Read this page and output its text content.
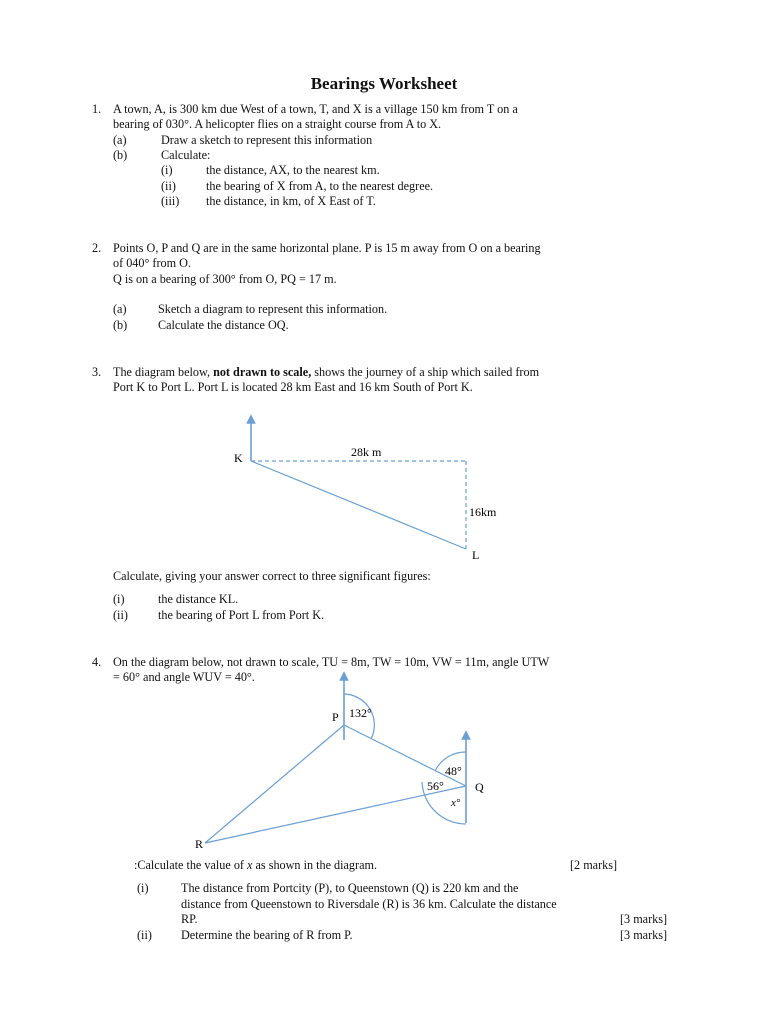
Bearings Worksheet
1. A town, A, is 300 km due West of a town, T, and X is a village 150 km from T on a
bearing of 030°. A helicopter flies on a straight course from A to X.
(a)	Draw a sketch to represent this information
(b)	Calculate:
(i)	the distance, AX, to the nearest km.
(ii) the bearing of X from A, to the nearest degree.
(iii) the distance, in km, of X East of T.
2. Points O, P and Q are in the same horizontal plane. P is 15 m away from O on a bearing
of 040° from O.
Q is on a bearing of 300° from O, PQ = 17 m.
(a)	Sketch a diagram to represent this information.
(b)	Calculate the distance OQ.
3. The diagram below, not drawn to scale, shows the journey of a ship which sailed from
Port K to Port L. Port L is located 28 km East and 16 km South of Port K.
K
L
28k m
16km
Calculate, giving your answer correct to three significant figures:
(i)	the distance KL.
(ii) the bearing of Port L from Port K.
4. On the diagram below, not drawn to scale, TU = 8m, TW = 10m, VW = 11m, angle UTW
= 60° and angle WUV = 40°.
P
Q
R
132°
48°
56°
x°
:Calculate the value of x as shown in the diagram.	[2 marks]
(i)	The distance from Portcity (P), to Queenstown (Q) is 220 km and the
distance from Queenstown to Riversdale (R) is 36 km. Calculate the distance
RP.	[3 marks]
(ii) Determine the bearing of R from P.	[3 marks]
